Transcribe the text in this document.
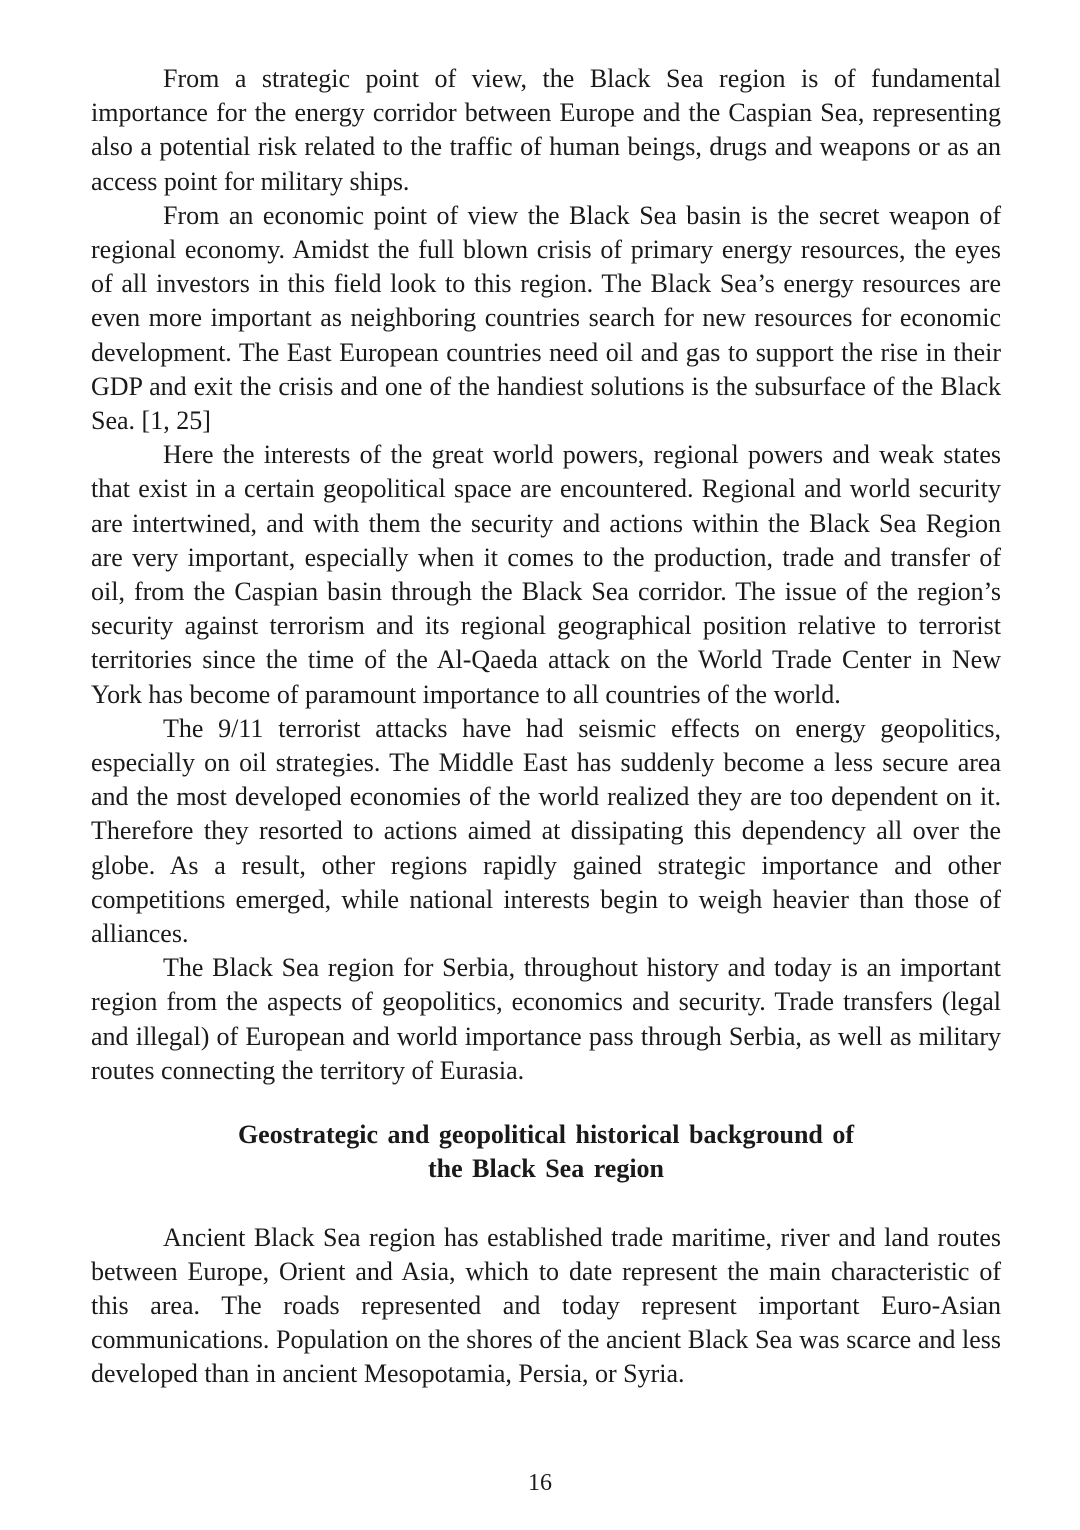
From a strategic point of view, the Black Sea region is of fundamental importance for the energy corridor between Europe and the Caspian Sea, representing also a potential risk related to the traffic of human beings, drugs and weapons or as an access point for military ships.

From an economic point of view the Black Sea basin is the secret weapon of regional economy. Amidst the full blown crisis of primary energy resources, the eyes of all investors in this field look to this region. The Black Sea’s energy resources are even more important as neighboring countries search for new resources for economic development. The East European countries need oil and gas to support the rise in their GDP and exit the crisis and one of the handiest solutions is the subsurface of the Black Sea. [1, 25]

Here the interests of the great world powers, regional powers and weak states that exist in a certain geopolitical space are encountered. Regional and world security are intertwined, and with them the security and actions within the Black Sea Region are very important, especially when it comes to the production, trade and transfer of oil, from the Caspian basin through the Black Sea corridor. The issue of the region’s security against terrorism and its regional geographical position relative to terrorist territories since the time of the Al-Qaeda attack on the World Trade Center in New York has become of paramount importance to all countries of the world.

The 9/11 terrorist attacks have had seismic effects on energy geopolitics, especially on oil strategies. The Middle East has suddenly become a less secure area and the most developed economies of the world realized they are too dependent on it. Therefore they resorted to actions aimed at dissipating this dependency all over the globe. As a result, other regions rapidly gained strategic importance and other competitions emerged, while national interests begin to weigh heavier than those of alliances.

The Black Sea region for Serbia, throughout history and today is an important region from the aspects of geopolitics, economics and security. Trade transfers (legal and illegal) of European and world importance pass through Serbia, as well as military routes connecting the territory of Eurasia.

Geostrategic and geopolitical historical background of
the Black Sea region

Ancient Black Sea region has established trade maritime, river and land routes between Europe, Orient and Asia, which to date represent the main characteristic of this area. The roads represented and today represent important Euro-Asian communications. Population on the shores of the ancient Black Sea was scarce and less developed than in ancient Mesopotamia, Persia, or Syria.

16
